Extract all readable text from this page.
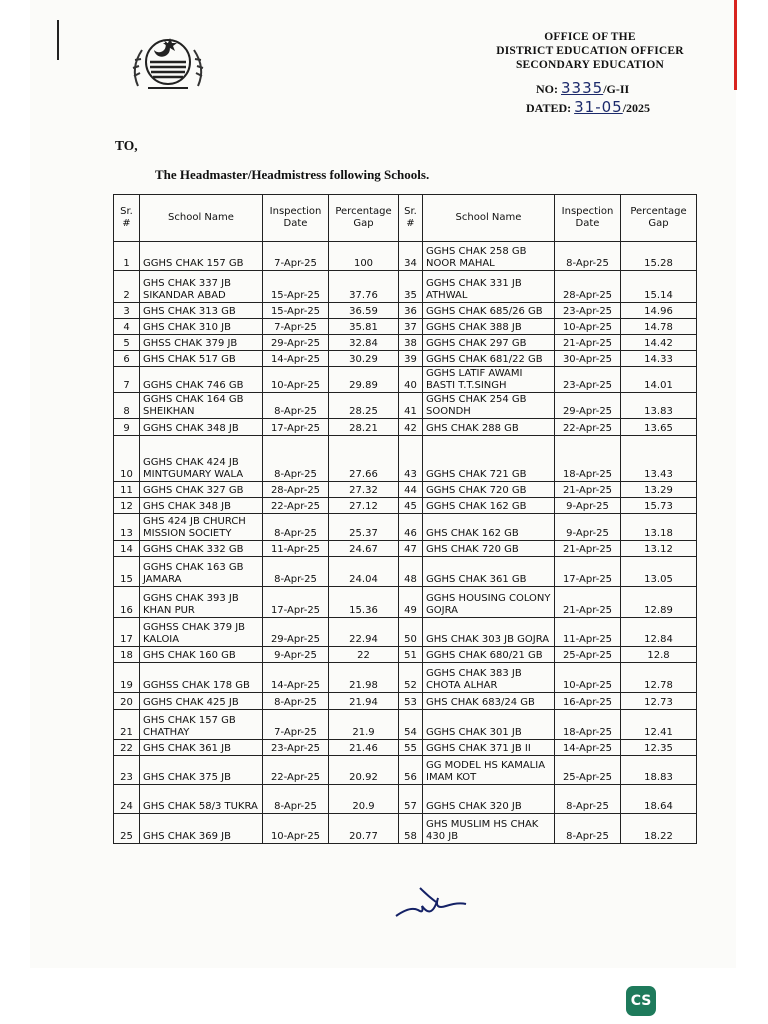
OFFICE OF THE
DISTRICT EDUCATION OFFICER
SECONDARY EDUCATION
NO: 3335/G-II
DATED: 31-05/2025
TO,
The Headmaster/Headmistress following Schools.
Sr. #	School Name	Inspection Date	Percentage Gap	Sr. #	School Name	Inspection Date	Percentage Gap
1	GGHS CHAK 157 GB	7-Apr-25	100	34	GGHS CHAK 258 GB NOOR MAHAL	8-Apr-25	15.28
2	GHS CHAK 337 JB SIKANDAR ABAD	15-Apr-25	37.76	35	GGHS CHAK 331 JB ATHWAL	28-Apr-25	15.14
3	GHS CHAK 313 GB	15-Apr-25	36.59	36	GGHS CHAK 685/26 GB	23-Apr-25	14.96
4	GHS CHAK 310 JB	7-Apr-25	35.81	37	GGHS CHAK 388 JB	10-Apr-25	14.78
5	GHSS CHAK 379 JB	29-Apr-25	32.84	38	GGHS CHAK 297 GB	21-Apr-25	14.42
6	GHS CHAK 517 GB	14-Apr-25	30.29	39	GGHS CHAK 681/22 GB	30-Apr-25	14.33
7	GGHS CHAK 746 GB	10-Apr-25	29.89	40	GGHS LATIF AWAMI BASTI T.T.SINGH	23-Apr-25	14.01
8	GGHS CHAK 164 GB SHEIKHAN	8-Apr-25	28.25	41	GGHS CHAK 254 GB SOONDH	29-Apr-25	13.83
9	GGHS CHAK 348 JB	17-Apr-25	28.21	42	GHS CHAK 288 GB	22-Apr-25	13.65
10	GGHS CHAK 424 JB MINTGUMARY WALA	8-Apr-25	27.66	43	GGHS CHAK 721 GB	18-Apr-25	13.43
11	GGHS CHAK 327 GB	28-Apr-25	27.32	44	GGHS CHAK 720 GB	21-Apr-25	13.29
12	GHS CHAK 348 JB	22-Apr-25	27.12	45	GGHS CHAK 162 GB	9-Apr-25	15.73
13	GHS 424 JB CHURCH MISSION SOCIETY	8-Apr-25	25.37	46	GHS CHAK 162 GB	9-Apr-25	13.18
14	GGHS CHAK 332 GB	11-Apr-25	24.67	47	GHS CHAK 720 GB	21-Apr-25	13.12
15	GGHS CHAK 163 GB JAMARA	8-Apr-25	24.04	48	GGHS CHAK 361 GB	17-Apr-25	13.05
16	GGHS CHAK 393 JB KHAN PUR	17-Apr-25	15.36	49	GGHS HOUSING COLONY GOJRA	21-Apr-25	12.89
17	GGHSS CHAK 379 JB KALOIA	29-Apr-25	22.94	50	GHS CHAK 303 JB GOJRA	11-Apr-25	12.84
18	GHS CHAK 160 GB	9-Apr-25	22	51	GGHS CHAK 680/21 GB	25-Apr-25	12.8
19	GGHSS CHAK 178 GB	14-Apr-25	21.98	52	GGHS CHAK 383 JB CHOTA ALHAR	10-Apr-25	12.78
20	GGHS CHAK 425 JB	8-Apr-25	21.94	53	GHS CHAK 683/24 GB	16-Apr-25	12.73
21	GHS CHAK 157 GB CHATHAY	7-Apr-25	21.9	54	GGHS CHAK 301 JB	18-Apr-25	12.41
22	GHS CHAK 361 JB	23-Apr-25	21.46	55	GGHS CHAK 371 JB II	14-Apr-25	12.35
23	GHS CHAK 375 JB	22-Apr-25	20.92	56	GG MODEL HS KAMALIA IMAM KOT	25-Apr-25	18.83
24	GHS CHAK 58/3 TUKRA	8-Apr-25	20.9	57	GGHS CHAK 320 JB	8-Apr-25	18.64
25	GHS CHAK 369 JB	10-Apr-25	20.77	58	GHS MUSLIM HS CHAK 430 JB	8-Apr-25	18.22
CS
